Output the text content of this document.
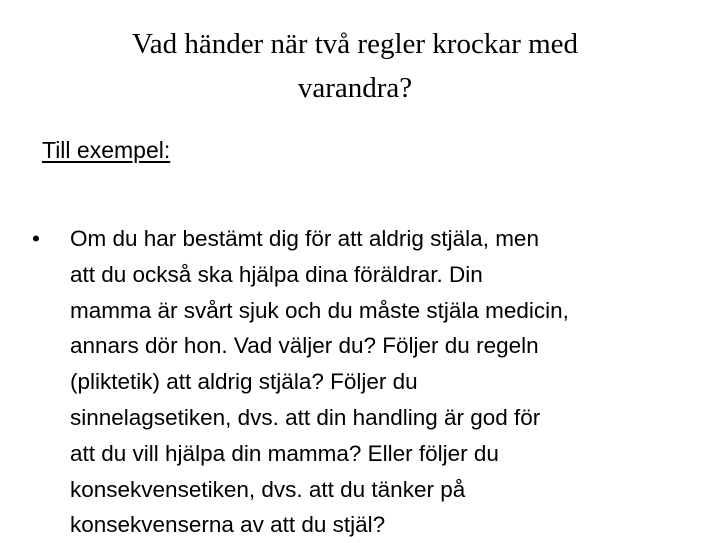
Vad händer när två regler krockar med
varandra?

Till exempel:

•	Om du har bestämt dig för att aldrig stjäla, men
att du också ska hjälpa dina föräldrar. Din
mamma är svårt sjuk och du måste stjäla medicin,
annars dör hon. Vad väljer du? Följer du regeln
(pliktetik) att aldrig stjäla? Följer du
sinnelagsetiken, dvs. att din handling är god för
att du vill hjälpa din mamma? Eller följer du
konsekvensetiken, dvs. att du tänker på
konsekvenserna av att du stjäl?
